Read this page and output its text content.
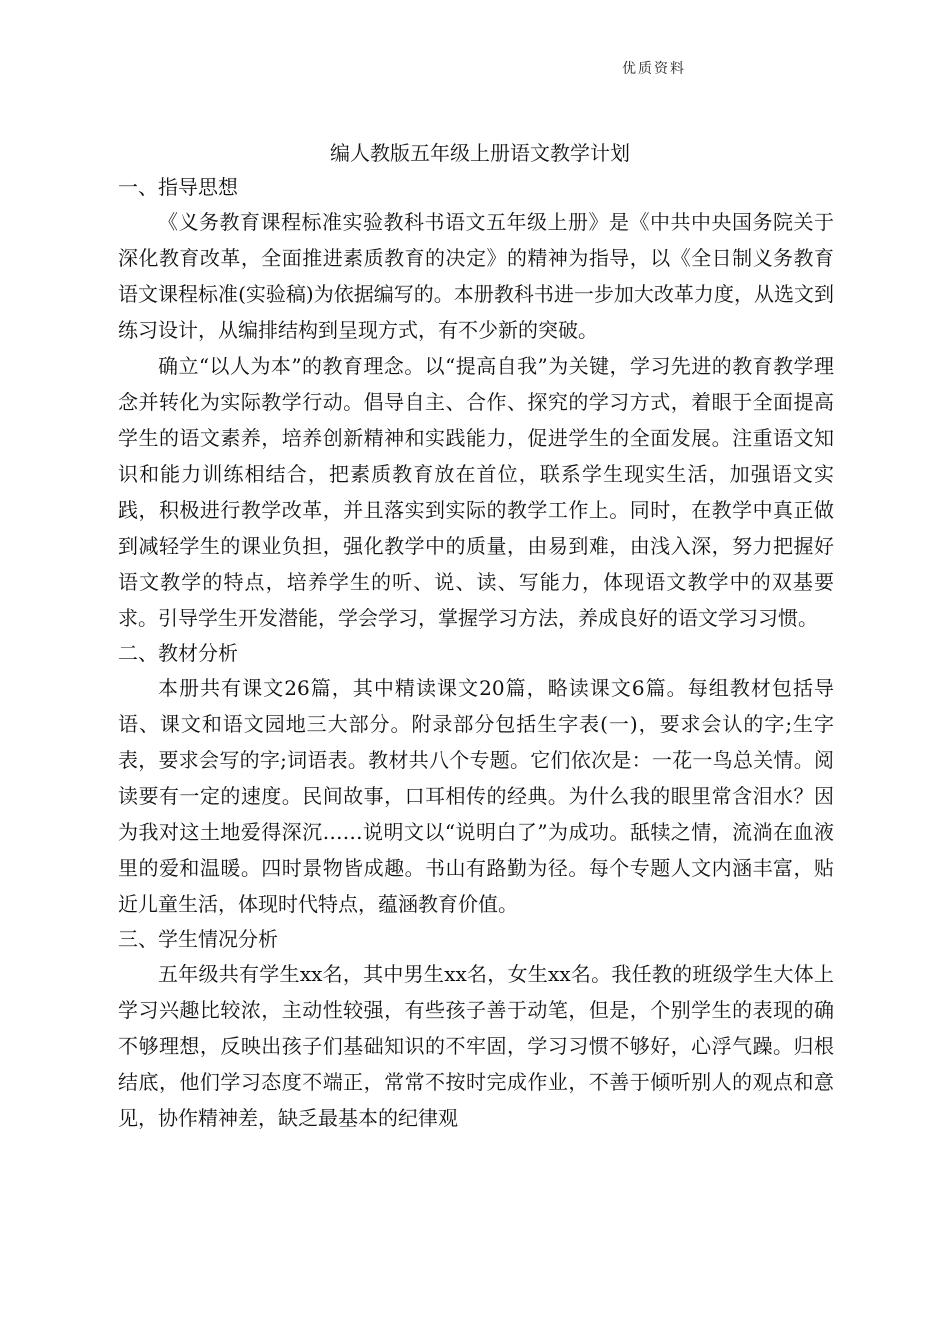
优质资料
编人教版五年级上册语文教学计划
一、指导思想

《义务教育课程标准实验教科书语文五年级上册》是《中共中央国务院关于深化教育改革，全面推进素质教育的决定》的精神为指导，以《全日制义务教育语文课程标准(实验稿)为依据编写的。本册教科书进一步加大改革力度，从选文到练习设计，从编排结构到呈现方式，有不少新的突破。

确立“以人为本”的教育理念。以“提高自我”为关键，学习先进的教育教学理念并转化为实际教学行动。倡导自主、合作、探究的学习方式，着眼于全面提高学生的语文素养，培养创新精神和实践能力，促进学生的全面发展。注重语文知识和能力训练相结合，把素质教育放在首位，联系学生现实生活，加强语文实践，积极进行教学改革，并且落实到实际的教学工作上。同时，在教学中真正做到减轻学生的课业负担，强化教学中的质量，由易到难，由浅入深，努力把握好语文教学的特点，培养学生的听、说、读、写能力，体现语文教学中的双基要求。引导学生开发潜能，学会学习，掌握学习方法，养成良好的语文学习习惯。

二、教材分析

本册共有课文26篇，其中精读课文20篇，略读课文6篇。每组教材包括导语、课文和语文园地三大部分。附录部分包括生字表(一)，要求会认的字;生字表，要求会写的字;词语表。教材共八个专题。它们依次是：一花一鸟总关情。阅读要有一定的速度。民间故事，口耳相传的经典。为什么我的眼里常含泪水？因为我对这土地爱得深沉……说明文以“说明白了”为成功。舐犊之情，流淌在血液里的爱和温暖。四时景物皆成趣。书山有路勤为径。每个专题人文内涵丰富，贴近儿童生活，体现时代特点，蕴涵教育价值。

三、学生情况分析

五年级共有学生xx名，其中男生xx名，女生xx名。我任教的班级学生大体上学习兴趣比较浓，主动性较强，有些孩子善于动笔，但是，个别学生的表现的确不够理想，反映出孩子们基础知识的不牢固，学习习惯不够好，心浮气躁。归根结底，他们学习态度不端正，常常不按时完成作业，不善于倾听别人的观点和意见，协作精神差，缺乏最基本的纪律观
